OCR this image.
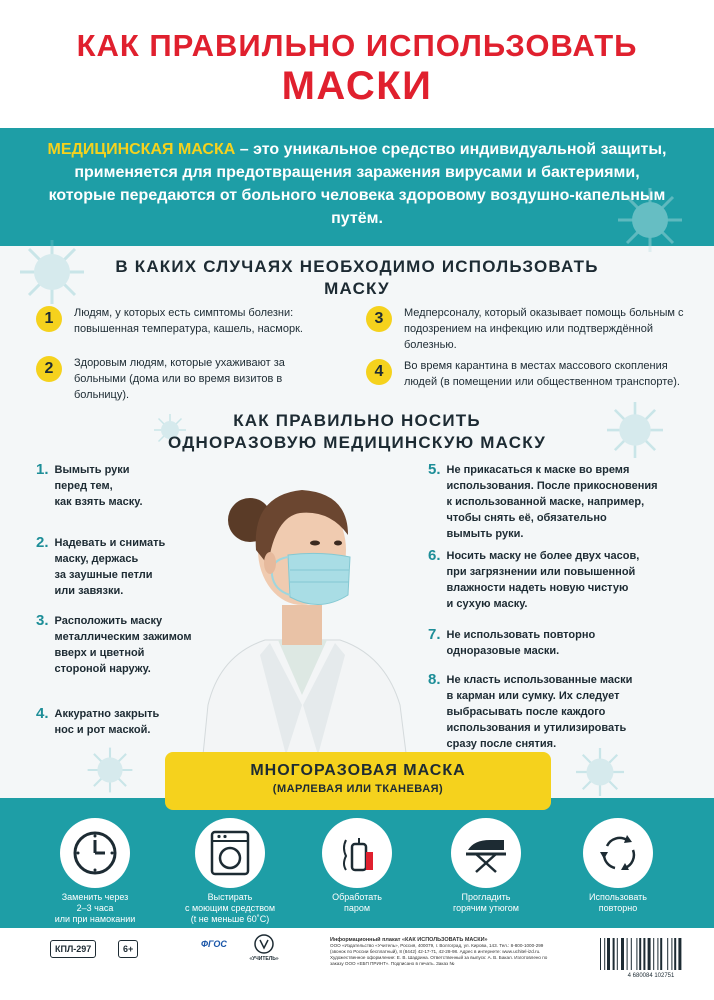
КАК ПРАВИЛЬНО ИСПОЛЬЗОВАТЬ
МАСКИ
МЕДИЦИНСКАЯ МАСКА – это уникальное средство индивидуальной защиты, применяется для предотвращения заражения вирусами и бактериями, которые передаются от больного человека здоровому воздушно-капельным путём.
В КАКИХ СЛУЧАЯХ НЕОБХОДИМО ИСПОЛЬЗОВАТЬ
МАСКУ
1	Людям, у которых есть симптомы болезни: повышенная температура, кашель, насморк.
2	Здоровым людям, которые ухаживают за больными (дома или во время визитов в больницу).
3	Медперсоналу, который оказывает помощь больным с подозрением на инфекцию или подтверждённой болезнью.
4	Во время карантина в местах массового скопления людей (в помещении или общественном транспорте).
КАК ПРАВИЛЬНО НОСИТЬ
ОДНОРАЗОВУЮ МЕДИЦИНСКУЮ МАСКУ
1. Вымыть руки
перед тем,
как взять маску.
2. Надевать и снимать
маску, держась
за заушные петли
или завязки.
3. Расположить маску
металлическим зажимом
вверх и цветной
стороной наружу.
4. Аккуратно закрыть
нос и рот маской.
5. Не прикасаться к маске во время
использования. После прикосновения
к использованной маске, например,
чтобы снять её, обязательно
вымыть руки.
6. Носить маску не более двух часов,
при загрязнении или повышенной
влажности надеть новую чистую
и сухую маску.
7. Не использовать повторно
одноразовые маски.
8. Не класть использованные маски
в карман или сумку. Их следует
выбрасывать после каждого
использования и утилизировать
сразу после снятия.
МНОГОРАЗОВАЯ МАСКА
(МАРЛЕВАЯ ИЛИ ТКАНЕВАЯ)
Заменить через
2–3 часа
или при намокании
Выстирать
с моющим средством
(t не меньше 60˚С)
Обработать
паром
Прогладить
горячим утюгом
Использовать
повторно
КПЛ-297	6+	ФГОС
«УЧИТЕЛЬ»
Информационный плакат «КАК ИСПОЛЬЗОВАТЬ МАСКИ»
ООО «Издательство «Учитель», Россия, 400079, г. Волгоград, ул. Кирова, 143. Тел.: 8-800-1000-299 (звонок по России бесплатный), 8 (8442) 42-17-71, 42-28-98. Адрес в интернете: www.uchitel-izd.ru. Художественное оформление: Е. В. Шадрина. Ответственный за выпуск: А. В. Бакал. Изготовлено по заказу ООО «ЕБП ПРИНТ». Подписано в печать. Заказ №
4 680084 102751
